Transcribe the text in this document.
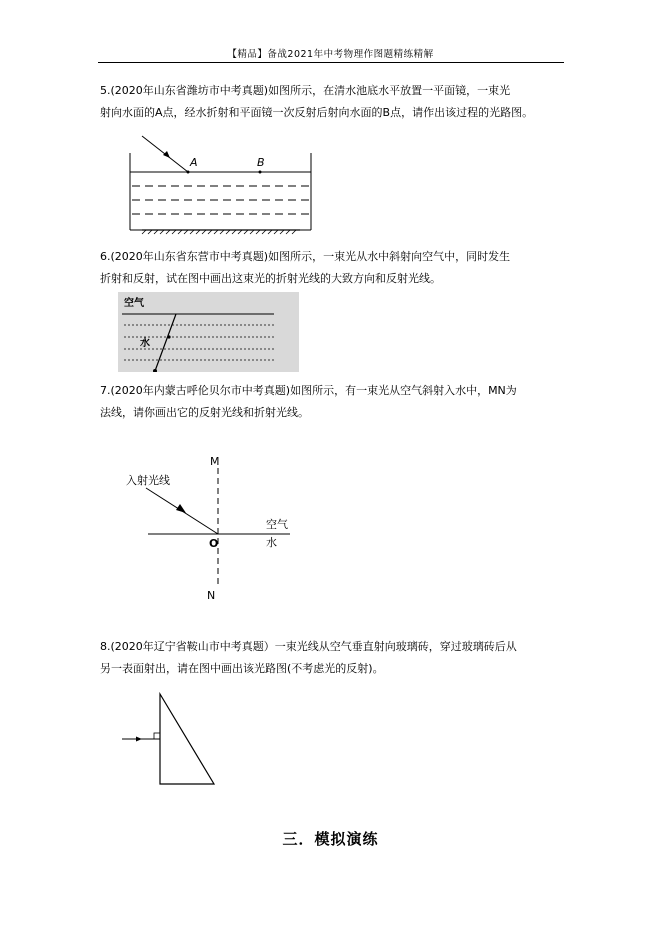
【精品】备战2021年中考物理作图题精练精解
5.(2020年山东省潍坊市中考真题)如图所示，在清水池底水平放置一平面镜，一束光
射向水面的A点，经水折射和平面镜一次反射后射向水面的B点，请作出该过程的光路图。
A	B
6.(2020年山东省东营市中考真题)如图所示，一束光从水中斜射向空气中，同时发生
折射和反射，试在图中画出这束光的折射光线的大致方向和反射光线。
空气
水
7.(2020年内蒙古呼伦贝尔市中考真题)如图所示，有一束光从空气斜射入水中，MN为
法线，请你画出它的反射光线和折射光线。
M
N
O
入射光线
空气
水
8.(2020年辽宁省鞍山市中考真题）一束光线从空气垂直射向玻璃砖，穿过玻璃砖后从
另一表面射出，请在图中画出该光路图(不考虑光的反射)。
三．模拟演练
